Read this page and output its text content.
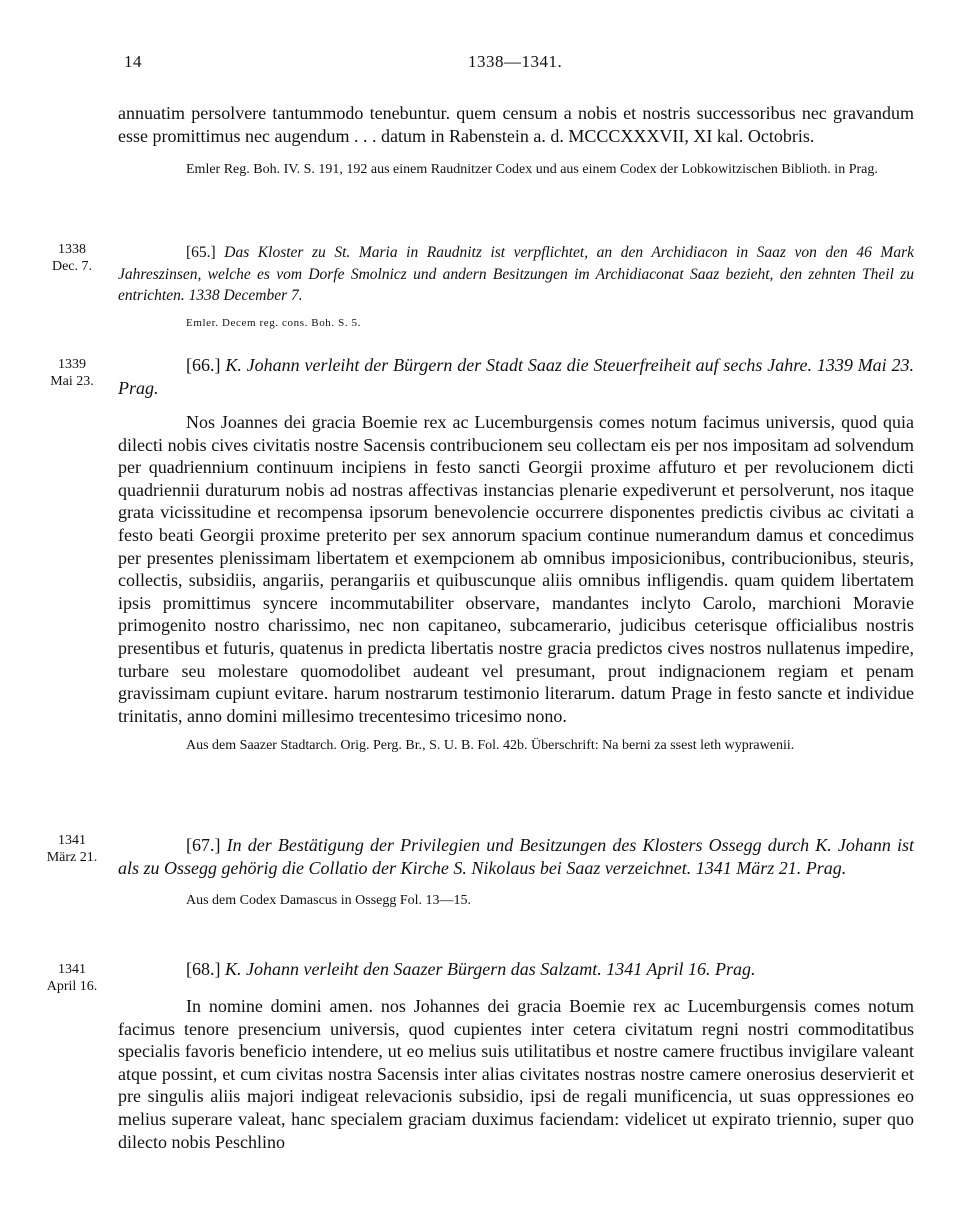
14	1338—1341.

annuatim persolvere tantummodo tenebuntur. quem censum a nobis et nostris successoribus nec gravandum esse promittimus nec augendum . . . datum in Rabenstein a. d. MCCCXXXVII, XI kal. Octobris.

Emler Reg. Boh. IV. S. 191, 192 aus einem Raudnitzer Codex und aus einem Codex der Lobkowitzischen Biblioth. in Prag.

1338
Dec. 7.

[65.] Das Kloster zu St. Maria in Raudnitz ist verpflichtet, an den Archidiacon in Saaz von den 46 Mark Jahreszinsen, welche es vom Dorfe Smolnicz und andern Besitzungen im Archidiaconat Saaz bezieht, den zehnten Theil zu entrichten. 1338 December 7.

Emler. Decem reg. cons. Boh. S. 5.

1339
Mai 23.

[66.] K. Johann verleiht der Bürgern der Stadt Saaz die Steuerfreiheit auf sechs Jahre. 1339 Mai 23. Prag.

Nos Joannes dei gracia Boemie rex ac Lucemburgensis comes notum facimus universis, quod quia dilecti nobis cives civitatis nostre Sacensis contribucionem seu collectam eis per nos impositam ad solvendum per quadriennium continuum incipiens in festo sancti Georgii proxime affuturo et per revolucionem dicti quadriennii duraturum nobis ad nostras affectivas instancias plenarie expediverunt et persolverunt, nos itaque grata vicissitudine et recompensa ipsorum benevolencie occurrere disponentes predictis civibus ac civitati a festo beati Georgii proxime preterito per sex annorum spacium continue numerandum damus et concedimus per presentes plenissimam libertatem et exempcionem ab omnibus imposicionibus, contribucionibus, steuris, collectis, subsidiis, angariis, perangariis et quibuscunque aliis omnibus infligendis. quam quidem libertatem ipsis promittimus syncere incommutabiliter observare, mandantes inclyto Carolo, marchioni Moravie primogenito nostro charissimo, nec non capitaneo, subcamerario, judicibus ceterisque officialibus nostris presentibus et futuris, quatenus in predicta libertatis nostre gracia predictos cives nostros nullatenus impedire, turbare seu molestare quomodolibet audeant vel presumant, prout indignacionem regiam et penam gravissimam cupiunt evitare. harum nostrarum testimonio literarum. datum Prage in festo sancte et individue trinitatis, anno domini millesimo trecentesimo tricesimo nono.

Aus dem Saazer Stadtarch. Orig. Perg. Br., S. U. B. Fol. 42b. Überschrift: Na berni za ssest leth wyprawenii.

1341
März 21.

[67.] In der Bestätigung der Privilegien und Besitzungen des Klosters Ossegg durch K. Johann ist als zu Ossegg gehörig die Collatio der Kirche S. Nikolaus bei Saaz verzeichnet. 1341 März 21. Prag.

Aus dem Codex Damascus in Ossegg Fol. 13—15.

1341
April 16.

[68.] K. Johann verleiht den Saazer Bürgern das Salzamt. 1341 April 16. Prag.

In nomine domini amen. nos Johannes dei gracia Boemie rex ac Lucemburgensis comes notum facimus tenore presencium universis, quod cupientes inter cetera civitatum regni nostri commoditatibus specialis favoris beneficio intendere, ut eo melius suis utilitatibus et nostre camere fructibus invigilare valeant atque possint, et cum civitas nostra Sacensis inter alias civitates nostras nostre camere onerosius deservierit et pre singulis aliis majori indigeat relevacionis subsidio, ipsi de regali munificencia, ut suas oppressiones eo melius superare valeat, hanc specialem graciam duximus faciendam: videlicet ut expirato triennio, super quo dilecto nobis Peschlino
